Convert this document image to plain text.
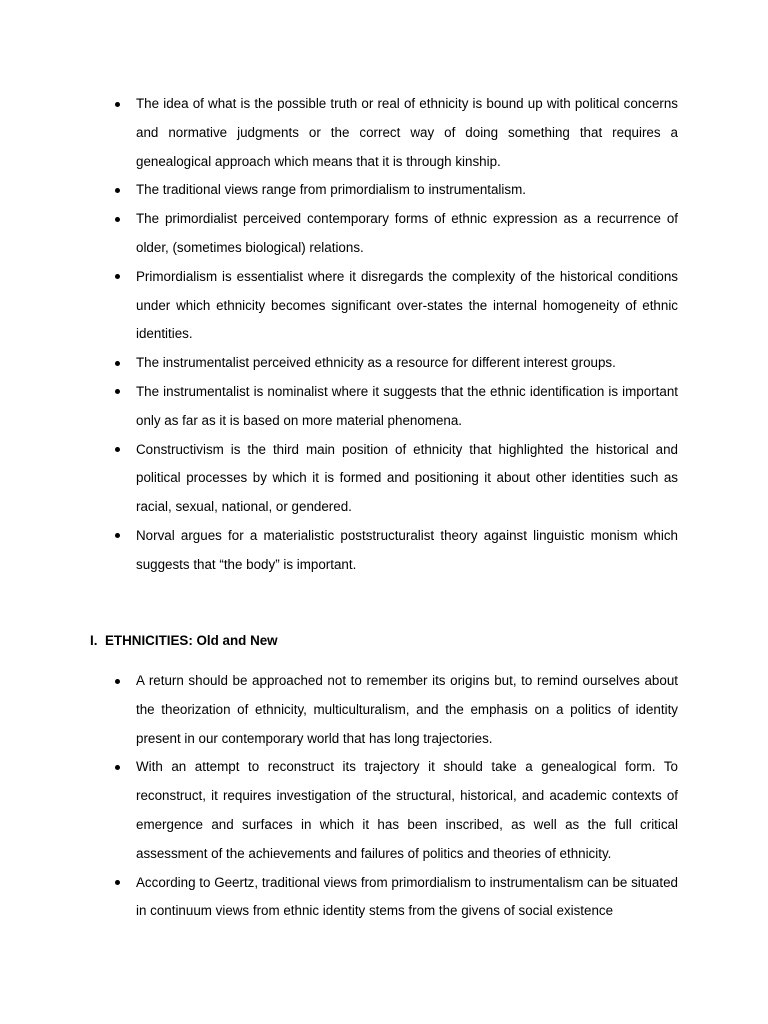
The idea of what is the possible truth or real of ethnicity is bound up with political concerns and normative judgments or the correct way of doing something that requires a genealogical approach which means that it is through kinship.
The traditional views range from primordialism to instrumentalism.
The primordialist perceived contemporary forms of ethnic expression as a recurrence of older, (sometimes biological) relations.
Primordialism is essentialist where it disregards the complexity of the historical conditions under which ethnicity becomes significant over-states the internal homogeneity of ethnic identities.
The instrumentalist perceived ethnicity as a resource for different interest groups.
The instrumentalist is nominalist where it suggests that the ethnic identification is important only as far as it is based on more material phenomena.
Constructivism is the third main position of ethnicity that highlighted the historical and political processes by which it is formed and positioning it about other identities such as racial, sexual, national, or gendered.
Norval argues for a materialistic poststructuralist theory against linguistic monism which suggests that “the body” is important.
I. ETHNICITIES: Old and New
A return should be approached not to remember its origins but, to remind ourselves about the theorization of ethnicity, multiculturalism, and the emphasis on a politics of identity present in our contemporary world that has long trajectories.
With an attempt to reconstruct its trajectory it should take a genealogical form. To reconstruct, it requires investigation of the structural, historical, and academic contexts of emergence and surfaces in which it has been inscribed, as well as the full critical assessment of the achievements and failures of politics and theories of ethnicity.
According to Geertz, traditional views from primordialism to instrumentalism can be situated in continuum views from ethnic identity stems from the givens of social existence
